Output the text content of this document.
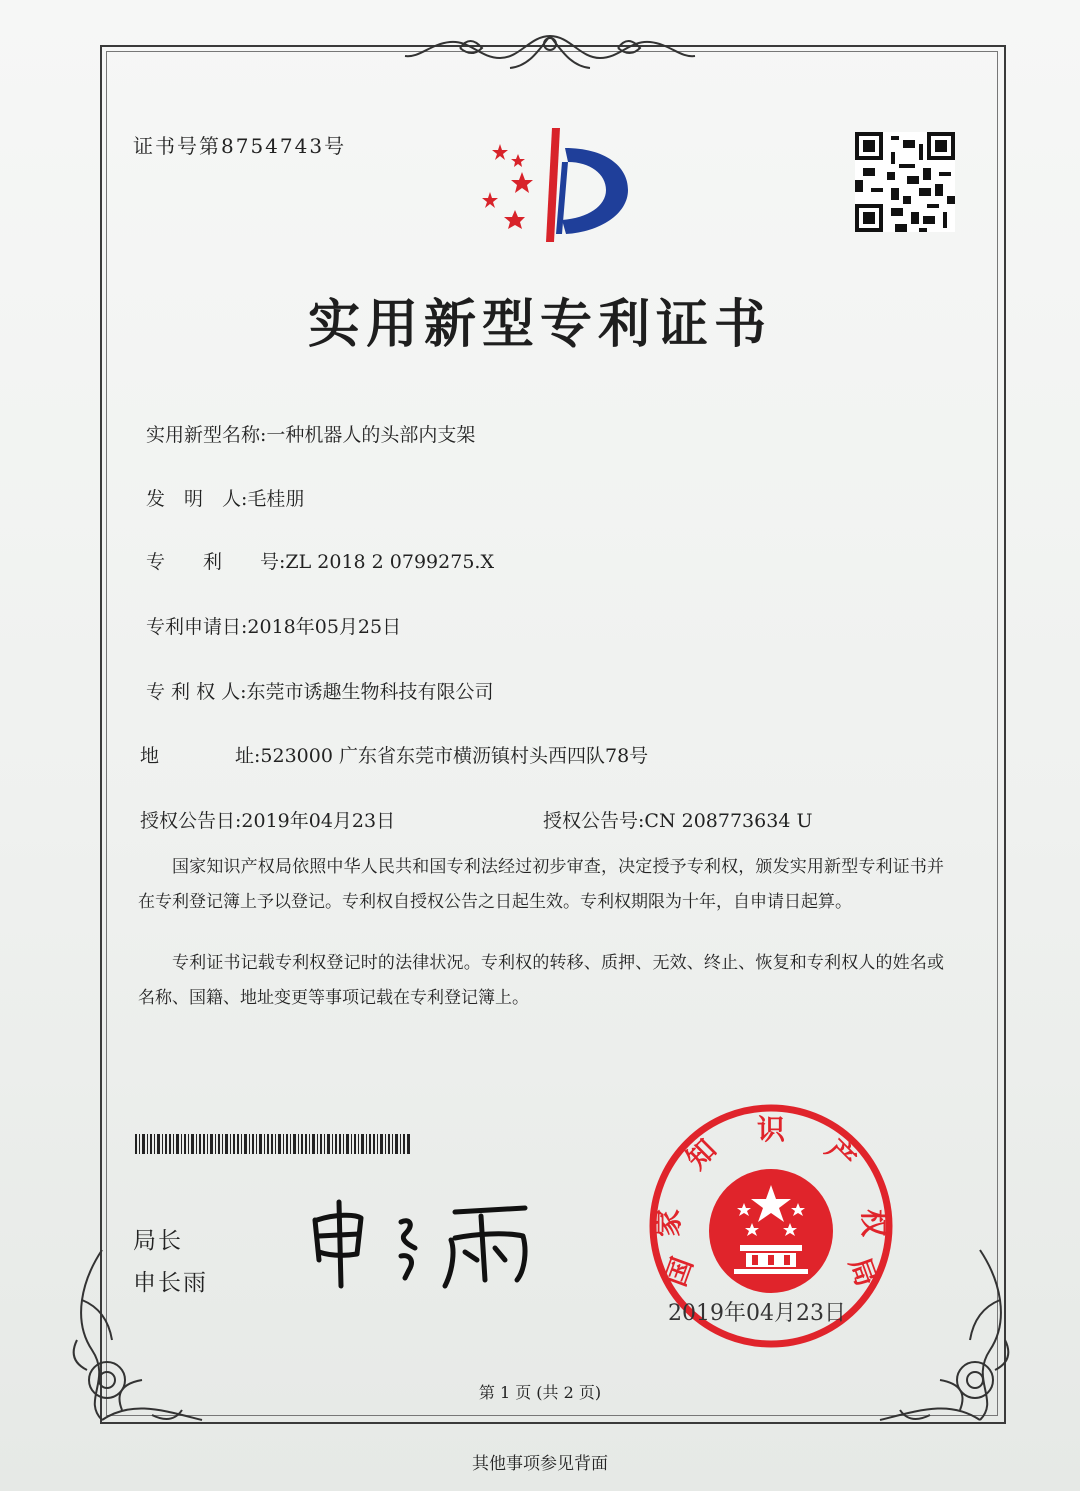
证书号第8754743号
实用新型专利证书
实用新型名称:一种机器人的头部内支架
发　明　人:毛桂朋
专　　利　　号:ZL 2018 2 0799275.X
专利申请日:2018年05月25日
专 利 权 人:东莞市诱趣生物科技有限公司
地　　　　址:523000 广东省东莞市横沥镇村头西四队78号
授权公告日:2019年04月23日	授权公告号:CN 208773634 U
国家知识产权局依照中华人民共和国专利法经过初步审查，决定授予专利权，颁发实用新型专利证书并在专利登记簿上予以登记。专利权自授权公告之日起生效。专利权期限为十年，自申请日起算。
专利证书记载专利权登记时的法律状况。专利权的转移、质押、无效、终止、恢复和专利权人的姓名或名称、国籍、地址变更等事项记载在专利登记簿上。
局长
申长雨	国
家
知
识
产
权
局
2019年04月23日
第 1 页 (共 2 页)
其他事项参见背面
